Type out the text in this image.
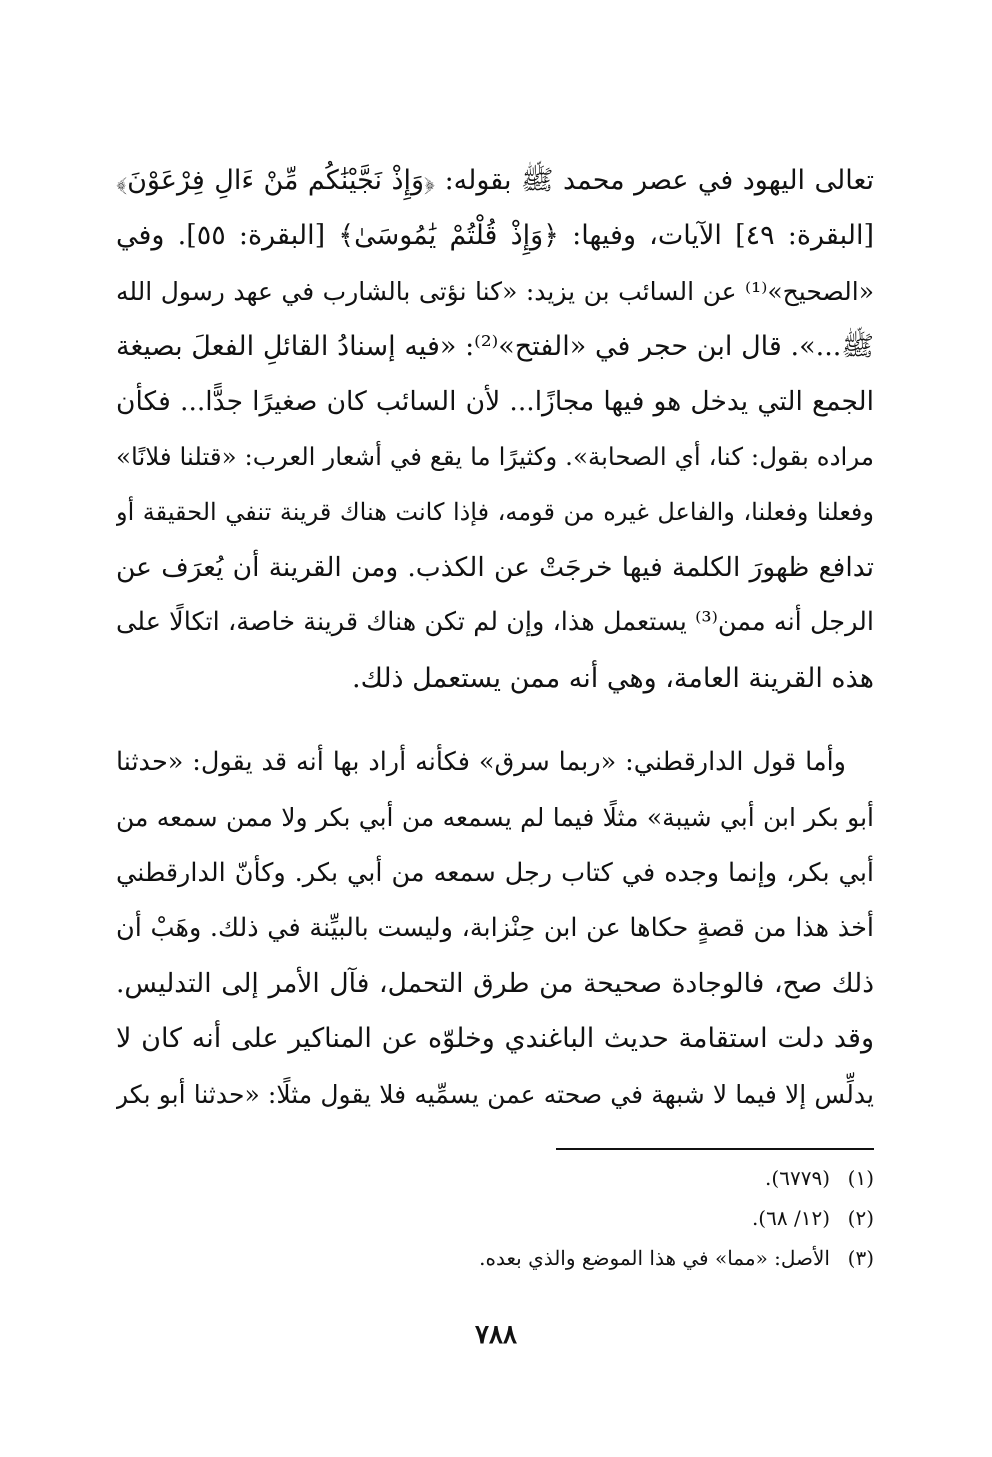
تعالى اليهود في عصر محمد ﷺ بقوله: ﴿وَإِذْ نَجَّيْنَٰكُم مِّنْ ءَالِ فِرْعَوْنَ﴾
[البقرة: ٤٩] الآيات، وفيها: ﴿وَإِذْ قُلْتُمْ يَٰمُوسَىٰ﴾ [البقرة: ٥٥]. وفي
«الصحيح»⁽¹⁾ عن السائب بن يزيد: «كنا نؤتى بالشارب في عهد رسول الله
ﷺ...». قال ابن حجر في «الفتح»⁽²⁾: «فيه إسنادُ القائلِ الفعلَ بصيغة
الجمع التي يدخل هو فيها مجازًا... لأن السائب كان صغيرًا جدًّا... فكأن
مراده بقول: كنا، أي الصحابة». وكثيرًا ما يقع في أشعار العرب: «قتلنا فلانًا»
وفعلنا وفعلنا، والفاعل غيره من قومه، فإذا كانت هناك قرينة تنفي الحقيقة أو
تدافع ظهورَ الكلمة فيها خرجَتْ عن الكذب. ومن القرينة أن يُعرَف عن
الرجل أنه ممن⁽³⁾ يستعمل هذا، وإن لم تكن هناك قرينة خاصة، اتكالًا على
هذه القرينة العامة، وهي أنه ممن يستعمل ذلك.
وأما قول الدارقطني: «ربما سرق» فكأنه أراد بها أنه قد يقول: «حدثنا
أبو بكر ابن أبي شيبة» مثلًا فيما لم يسمعه من أبي بكر ولا ممن سمعه من
أبي بكر، وإنما وجده في كتاب رجل سمعه من أبي بكر. وكأنّ الدارقطني
أخذ هذا من قصةٍ حكاها عن ابن حِنْزابة، وليست بالبيِّنة في ذلك. وهَبْ أن
ذلك صح، فالوجادة صحيحة من طرق التحمل، فآل الأمر إلى التدليس.
وقد دلت استقامة حديث الباغندي وخلوّه عن المناكير على أنه كان لا
يدلِّس إلا فيما لا شبهة في صحته عمن يسمِّيه فلا يقول مثلًا: «حدثنا أبو بكر
(١)(٦٧٧٩).
(٢)(١٢/ ٦٨).
(٣)الأصل: «مما» في هذا الموضع والذي بعده.
٧٨٨
